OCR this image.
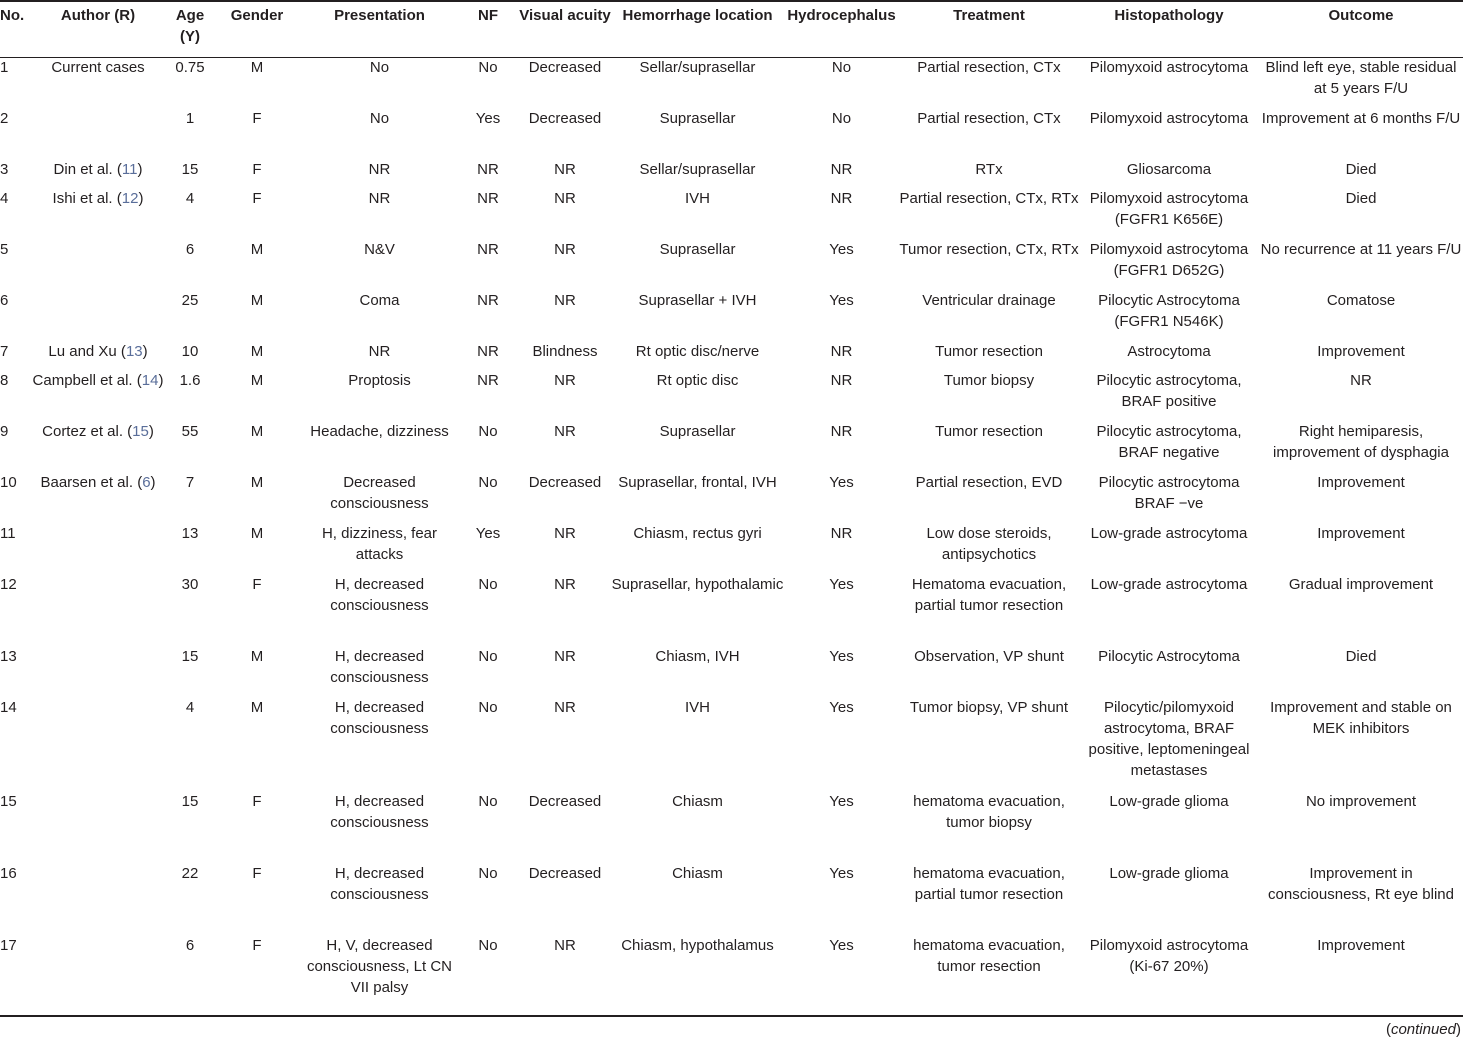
No.	Author (R)	Age (Y)	Gender	Presentation	NF	Visual acuity	Hemorrhage location	Hydrocephalus	Treatment	Histopathology	Outcome
1	Current cases	0.75	M	No	No	Decreased	Sellar/suprasellar	No	Partial resection, CTx	Pilomyxoid astrocytoma	Blind left eye, stable residual at 5 years F/U
2		1	F	No	Yes	Decreased	Suprasellar	No	Partial resection, CTx	Pilomyxoid astrocytoma	Improvement at 6 months F/U
3	Din et al. (11)	15	F	NR	NR	NR	Sellar/suprasellar	NR	RTx	Gliosarcoma	Died
4	Ishi et al. (12)	4	F	NR	NR	NR	IVH	NR	Partial resection, CTx, RTx	Pilomyxoid astrocytoma (FGFR1 K656E)	Died
5		6	M	N&V	NR	NR	Suprasellar	Yes	Tumor resection, CTx, RTx	Pilomyxoid astrocytoma (FGFR1 D652G)	No recurrence at 11 years F/U
6		25	M	Coma	NR	NR	Suprasellar + IVH	Yes	Ventricular drainage	Pilocytic Astrocytoma (FGFR1 N546K)	Comatose
7	Lu and Xu (13)	10	M	NR	NR	Blindness	Rt optic disc/nerve	NR	Tumor resection	Astrocytoma	Improvement
8	Campbell et al. (14)	1.6	M	Proptosis	NR	NR	Rt optic disc	NR	Tumor biopsy	Pilocytic astrocytoma, BRAF positive	NR
9	Cortez et al. (15)	55	M	Headache, dizziness	No	NR	Suprasellar	NR	Tumor resection	Pilocytic astrocytoma, BRAF negative	Right hemiparesis, improvement of dysphagia
10	Baarsen et al. (6)	7	M	Decreased consciousness	No	Decreased	Suprasellar, frontal, IVH	Yes	Partial resection, EVD	Pilocytic astrocytoma BRAF −ve	Improvement
11		13	M	H, dizziness, fear attacks	Yes	NR	Chiasm, rectus gyri	NR	Low dose steroids, antipsychotics	Low-grade astrocytoma	Improvement
12		30	F	H, decreased consciousness	No	NR	Suprasellar, hypothalamic	Yes	Hematoma evacuation, partial tumor resection	Low-grade astrocytoma	Gradual improvement
13		15	M	H, decreased consciousness	No	NR	Chiasm, IVH	Yes	Observation, VP shunt	Pilocytic Astrocytoma	Died
14		4	M	H, decreased consciousness	No	NR	IVH	Yes	Tumor biopsy, VP shunt	Pilocytic/pilomyxoid astrocytoma, BRAF positive, leptomeningeal metastases	Improvement and stable on MEK inhibitors
15		15	F	H, decreased consciousness	No	Decreased	Chiasm	Yes	hematoma evacuation, tumor biopsy	Low-grade glioma	No improvement
16		22	F	H, decreased consciousness	No	Decreased	Chiasm	Yes	hematoma evacuation, partial tumor resection	Low-grade glioma	Improvement in consciousness, Rt eye blind
17		6	F	H, V, decreased consciousness, Lt CN VII palsy	No	NR	Chiasm, hypothalamus	Yes	hematoma evacuation, tumor resection	Pilomyxoid astrocytoma (Ki-67 20%)	Improvement
(continued)
